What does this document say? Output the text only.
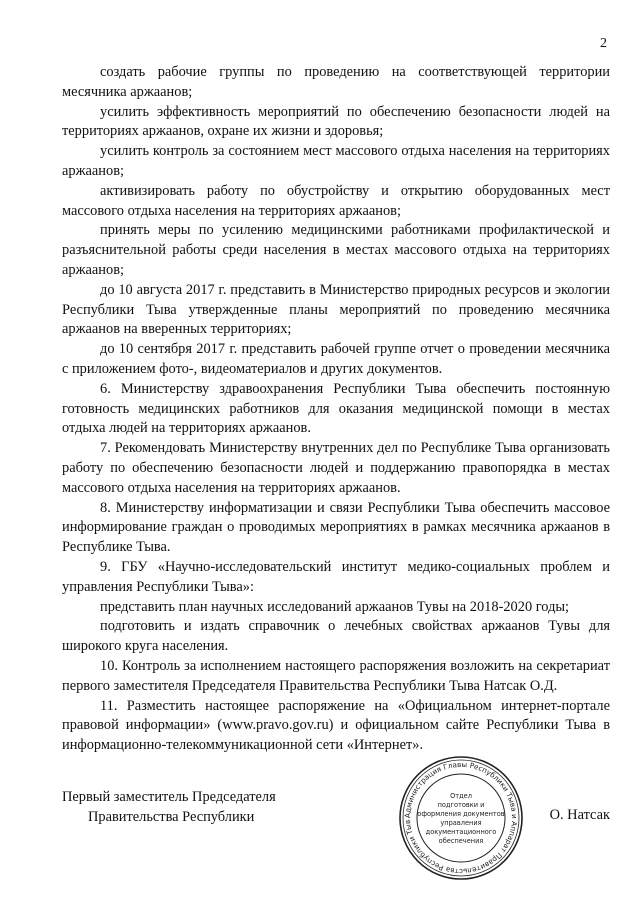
2

создать рабочие группы по проведению на соответствующей территории месячника аржаанов;

усилить эффективность мероприятий по обеспечению безопасности людей на территориях аржаанов, охране их жизни и здоровья;

усилить контроль за состоянием мест массового отдыха населения на территориях аржаанов;

активизировать работу по обустройству и открытию оборудованных мест массового отдыха населения на территориях аржаанов;

принять меры по усилению медицинскими работниками профилактической и разъяснительной работы среди населения в местах массового отдыха на территориях аржаанов;

до 10 августа 2017 г. представить в Министерство природных ресурсов и экологии Республики Тыва утвержденные планы мероприятий по проведению месячника аржаанов на вверенных территориях;

до 10 сентября 2017 г. представить рабочей группе отчет о проведении месячника с приложением фото-, видеоматериалов и других документов.

6. Министерству здравоохранения Республики Тыва обеспечить постоянную готовность медицинских работников для оказания медицинской помощи в местах отдыха людей на территориях аржаанов.

7. Рекомендовать Министерству внутренних дел по Республике Тыва организовать работу по обеспечению безопасности людей и поддержанию правопорядка в местах массового отдыха населения на территориях аржаанов.

8. Министерству информатизации и связи Республики Тыва обеспечить массовое информирование граждан о проводимых мероприятиях в рамках месячника аржаанов в Республике Тыва.

9. ГБУ «Научно-исследовательский институт медико-социальных проблем и управления Республики Тыва»:

представить план научных исследований аржаанов Тувы на 2018-2020 годы;

подготовить и издать справочник о лечебных свойствах аржаанов Тувы для широкого круга населения.

10. Контроль за исполнением настоящего распоряжения возложить на секретариат первого заместителя Председателя Правительства Республики Тыва Натсак О.Д.

11. Разместить настоящее распоряжение на «Официальном интернет-портале правовой информации» (www.pravo.gov.ru) и официальном сайте Республики Тыва в информационно-телекоммуникационной сети «Интернет».

Первый заместитель Председателя
Правительства Республики	Администрация Главы Республики Тыва и Аппарат Правительства Республики Тыв
Отдел
подготовки и
оформления документов
управления
документационного
обеспечения
О. Натсак
